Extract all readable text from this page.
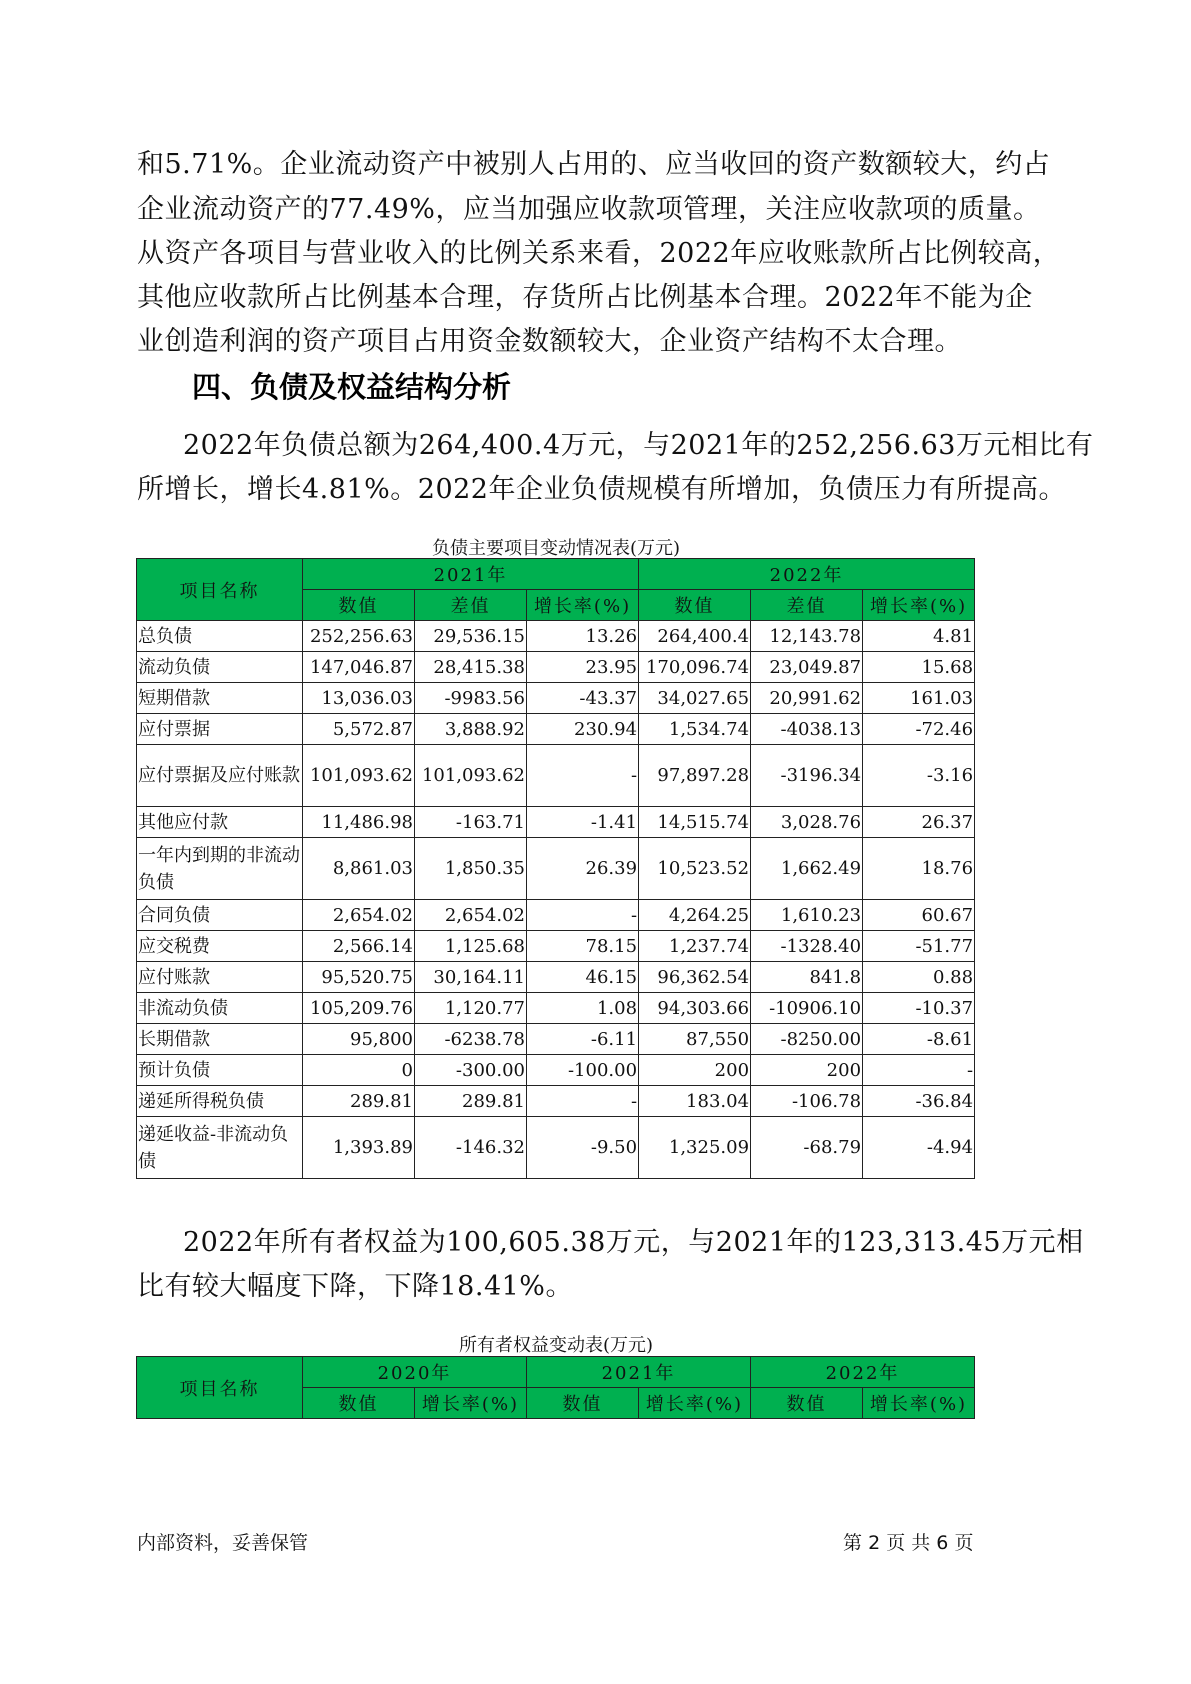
和5.71%。企业流动资产中被别人占用的、应当收回的资产数额较大，约占

企业流动资产的77.49%，应当加强应收款项管理，关注应收款项的质量。

从资产各项目与营业收入的比例关系来看，2022年应收账款所占比例较高，

其他应收款所占比例基本合理，存货所占比例基本合理。2022年不能为企

业创造利润的资产项目占用资金数额较大，企业资产结构不太合理。

四、负债及权益结构分析

2022年负债总额为264,400.4万元，与2021年的252,256.63万元相比有

所增长，增长4.81%。2022年企业负债规模有所增加，负债压力有所提高。

负债主要项目变动情况表(万元)

项目名称	2021年			2022年		
	数值	差值	增长率(%)	数值	差值	增长率(%)
总负债	252,256.63	29,536.15	13.26	264,400.4	12,143.78	4.81
流动负债	147,046.87	28,415.38	23.95	170,096.74	23,049.87	15.68
短期借款	13,036.03	-9983.56	-43.37	34,027.65	20,991.62	161.03
应付票据	5,572.87	3,888.92	230.94	1,534.74	-4038.13	-72.46
应付票据及应付账款	101,093.62	101,093.62	-	97,897.28	-3196.34	-3.16
其他应付款	11,486.98	-163.71	-1.41	14,515.74	3,028.76	26.37
一年内到期的非流动负债	8,861.03	1,850.35	26.39	10,523.52	1,662.49	18.76
合同负债	2,654.02	2,654.02	-	4,264.25	1,610.23	60.67
应交税费	2,566.14	1,125.68	78.15	1,237.74	-1328.40	-51.77
应付账款	95,520.75	30,164.11	46.15	96,362.54	841.8	0.88
非流动负债	105,209.76	1,120.77	1.08	94,303.66	-10906.10	-10.37
长期借款	95,800	-6238.78	-6.11	87,550	-8250.00	-8.61
预计负债	0	-300.00	-100.00	200	200	-
递延所得税负债	289.81	289.81	-	183.04	-106.78	-36.84
递延收益-非流动负债	1,393.89	-146.32	-9.50	1,325.09	-68.79	-4.94

2022年所有者权益为100,605.38万元，与2021年的123,313.45万元相

比有较大幅度下降，下降18.41%。

所有者权益变动表(万元)

项目名称	2020年		2021年		2022年	
	数值	增长率(%)	数值	增长率(%)	数值	增长率(%)

内部资料，妥善保管	第 2 页 共 6 页
